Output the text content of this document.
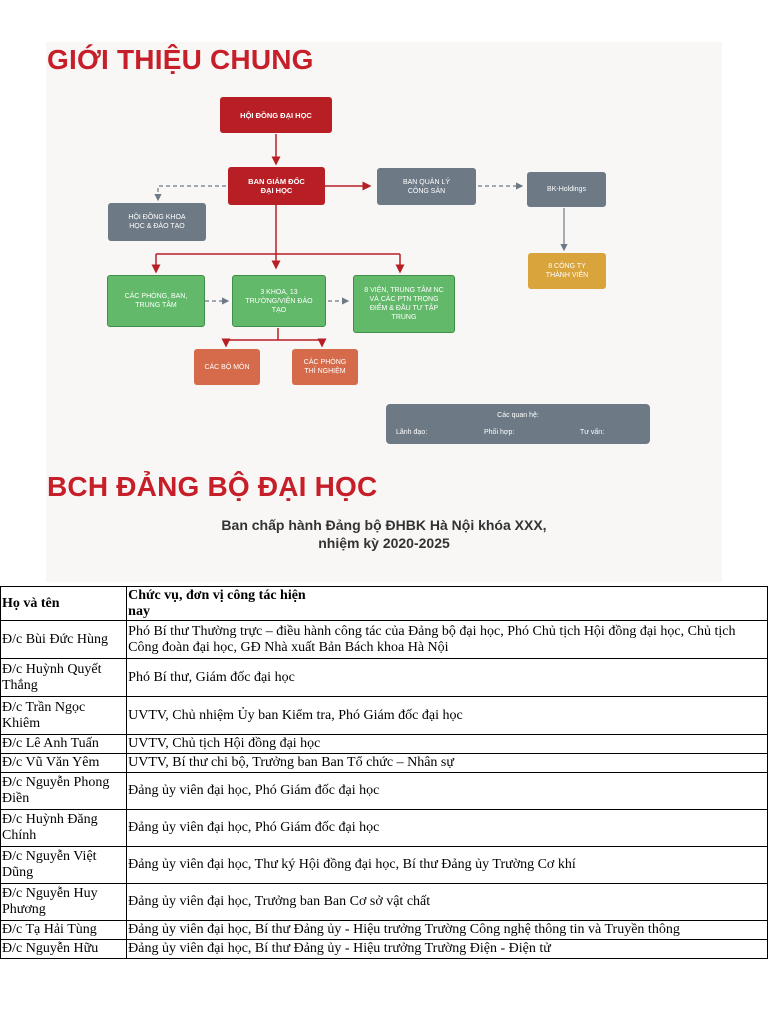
GIỚI THIỆU CHUNG
HỘI ĐỒNG ĐẠI HỌC
BAN GIÁM ĐỐC ĐẠI HỌC
HỘI ĐỒNG KHOA HỌC & ĐÀO TẠO
BAN QUẢN LÝ CÔNG SẢN	BK-Holdings
8 CÔNG TY THÀNH VIÊN
CÁC PHÒNG, BAN, TRUNG TÂM
3 KHOA, 13 TRƯỜNG/VIỆN ĐÀO TẠO
8 VIỆN, TRUNG TÂM NC VÀ CÁC PTN TRỌNG ĐIỂM & ĐẦU TƯ TẬP TRUNG
CÁC BỘ MÔN
CÁC PHÒNG THÍ NGHIỆM
Các quan hệ:
Lãnh đạo:	Phối hợp:	Tư vấn:
BCH ĐẢNG BỘ ĐẠI HỌC
Ban chấp hành Đảng bộ ĐHBK Hà Nội khóa XXX,
nhiệm kỳ 2020-2025
Họ và tên	Chức vụ, đơn vị công tác hiện nay
Đ/c Bùi Đức Hùng	Phó Bí thư Thường trực – điều hành công tác của Đảng bộ đại học, Phó Chủ tịch Hội đồng đại học, Chủ tịch Công đoàn đại học, GĐ Nhà xuất Bản Bách khoa Hà Nội
Đ/c Huỳnh Quyết Thắng	Phó Bí thư, Giám đốc đại học
Đ/c Trần Ngọc Khiêm	UVTV, Chủ nhiệm Ủy ban Kiểm tra, Phó Giám đốc đại học
Đ/c Lê Anh Tuấn	UVTV, Chủ tịch Hội đồng đại học
Đ/c Vũ Văn Yêm	UVTV, Bí thư chi bộ, Trưởng ban Ban Tổ chức – Nhân sự
Đ/c Nguyễn Phong Điền	Đảng ủy viên đại học, Phó Giám đốc đại học
Đ/c Huỳnh Đăng Chính	Đảng ủy viên đại học, Phó Giám đốc đại học
Đ/c Nguyễn Việt Dũng	Đảng ủy viên đại học, Thư ký Hội đồng đại học, Bí thư Đảng ủy Trường Cơ khí
Đ/c Nguyễn Huy Phương	Đảng ủy viên đại học, Trưởng ban Ban Cơ sở vật chất
Đ/c Tạ Hải Tùng	Đảng ủy viên đại học, Bí thư Đảng ủy - Hiệu trưởng Trường Công nghệ thông tin và Truyền thông
Đ/c Nguyễn Hữu	Đảng ủy viên đại học, Bí thư Đảng ủy - Hiệu trưởng Trường Điện - Điện tử
